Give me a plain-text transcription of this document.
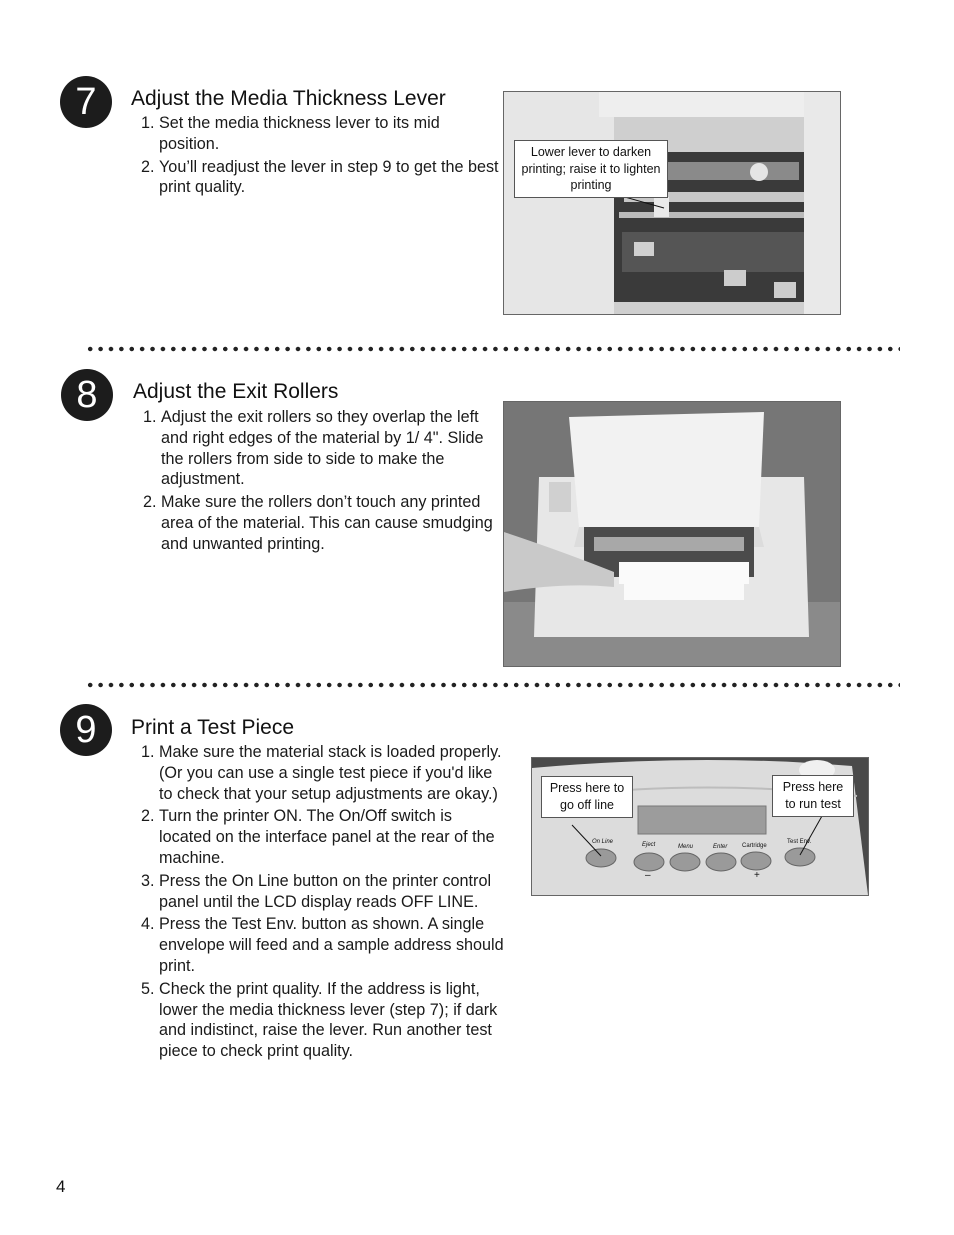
7	Adjust the Media Thickness Lever
1. Set the media thickness lever to its mid position.
2. You’ll readjust the lever in step 9 to get the best print quality.
Lower lever to darken printing; raise it to lighten printing
8	Adjust the Exit Rollers
1. Adjust the exit rollers so they overlap the left and right edges of the material by 1/ 4". Slide the rollers from side to side to make the adjustment.
2. Make sure the rollers don’t touch any printed area of the material. This can cause smudging and unwanted printing.
9	Print a Test Piece
1. Make sure the material stack is loaded properly. (Or you can use a single test piece if you'd like to check that your setup adjustments are okay.)
2. Turn the printer ON. The On/Off switch is located on the interface panel at the rear of the machine.
3. Press the On Line button on the printer control panel until the LCD display reads OFF LINE.
4. Press the Test Env. button as shown. A single envelope will feed and a sample address should print.
5. Check the print quality. If the address is light, lower the media thickness lever (step 7); if dark and indistinct, raise the lever. Run another test piece to check print quality.
On Line	Eject	Menu	Enter Cartridge
Test Env.
–	+
Press here to go off line
Press here to run test
4
